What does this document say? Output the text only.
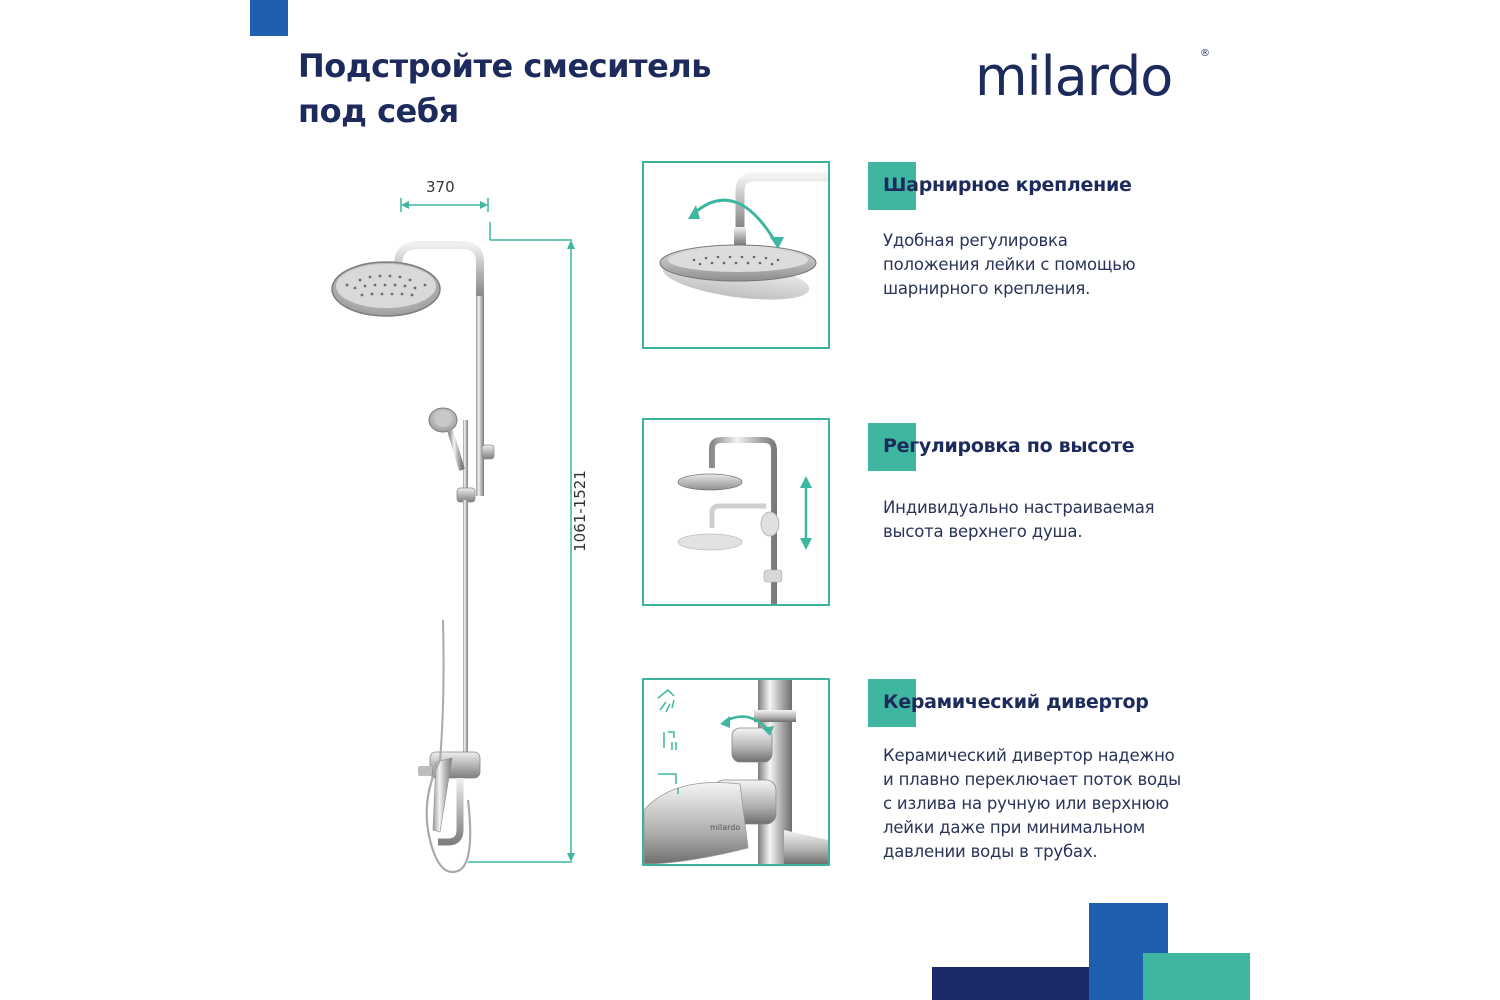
Подстройте смеситель
под себя
milardo	®
370
1061-1521
milardo
Шарнирное крепление
Удобная регулировка
положения лейки с помощью
шарнирного крепления.
Регулировка по высоте
Индивидуально настраиваемая
высота верхнего душа.
Керамический дивертор
Керамический дивертор надежно
и плавно переключает поток воды
с излива на ручную или верхнюю
лейки даже при минимальном
давлении воды в трубах.
